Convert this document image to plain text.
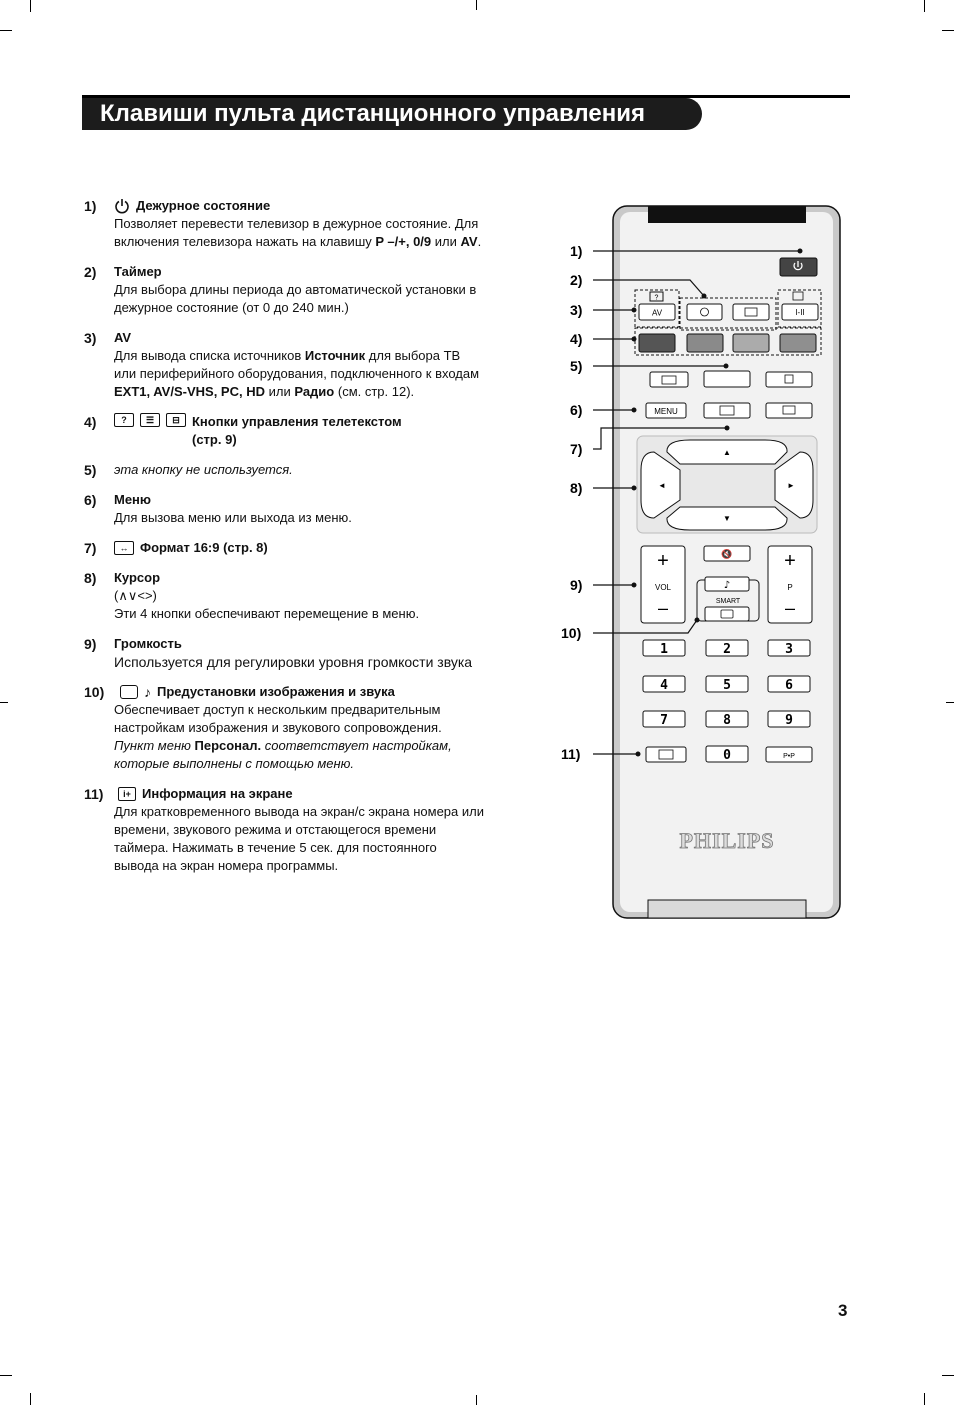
Клавиши пульта дистанционного управления
1)	Дежурное состояние
Позволяет перевести телевизор в дежурное состояние. Для включения телевизора нажать на клавишу P –/+, 0/9 или AV.
2) Таймер
Для выбора длины периода до автоматической установки в дежурное состояние (от 0 до 240 мин.)
3) AV
Для вывода списка источников Источник для выбора ТВ или периферийного оборудования, подключенного к входам EXT1, AV/S-VHS, PC, HD или Радио (см. стр. 12).
4)	?	☰	⊟ Кнопки управления телетекстом (стр. 9)
5) эта кнопку не используется.
6) Меню
Для вызова меню или выхода из меню.
7)	↔ Формат 16:9 (стр. 8)
8) Курсор
(∧∨<>)
Эти 4 кнопки обеспечивают перемещение в меню.
9) Громкость
Используется для регулировки уровня громкости звука
10)	♪ Предустановки изображения и звука
Обеспечивает доступ к нескольким предварительным настройкам изображения и звукового сопровождения. Пункт меню Персонал. соответствует настройкам, которые выполнены с помощью меню.
11)	i+ Информация на экране
Для кратковременного вывода на экран/с экрана номера или времени, звукового режима и отстающегося времени таймера. Нажимать в течение 5 сек. для постоянного вывода на экран номера программы.
?
AV	I-II
MENU
▲
▼
◄	►
+
VOL
–
+
P
–
🔇
♪
SMART
1	2	3
4	5	6
7	8	9
0	P•P
PHILIPS
1)
2)
3)
4)
5)
6)
7)
8)
9)
10)
11)
3
